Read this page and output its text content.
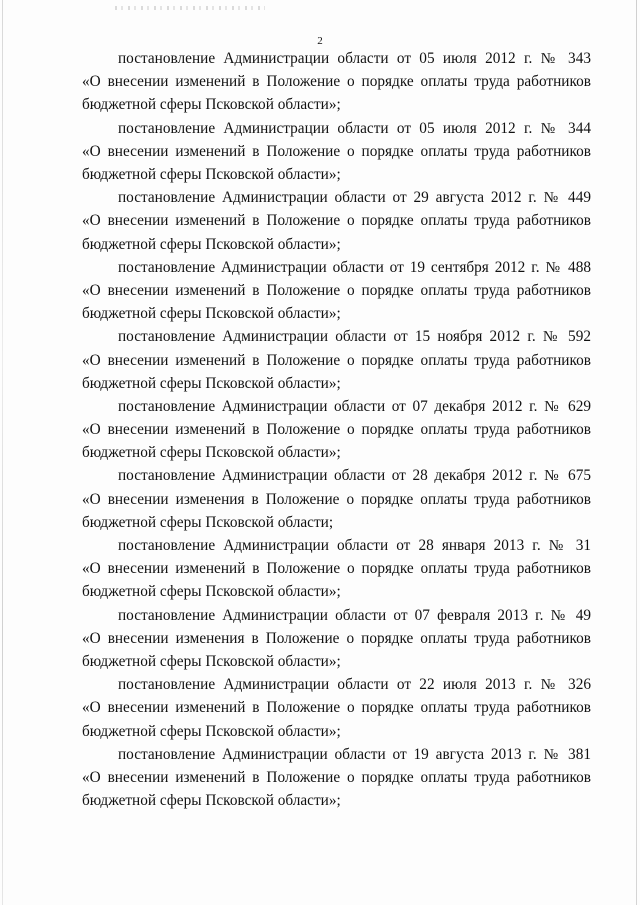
2

постановление Администрации области от 05 июля 2012 г. № 343

«О внесении изменений в Положение о порядке оплаты труда работников

бюджетной сферы Псковской области»;

постановление Администрации области от 05 июля 2012 г. № 344

«О внесении изменений в Положение о порядке оплаты труда работников

бюджетной сферы Псковской области»;

постановление Администрации области от 29 августа 2012 г. № 449

«О внесении изменений в Положение о порядке оплаты труда работников

бюджетной сферы Псковской области»;

постановление Администрации области от 19 сентября 2012 г. № 488

«О внесении изменений в Положение о порядке оплаты труда работников

бюджетной сферы Псковской области»;

постановление Администрации области от 15 ноября 2012 г. № 592

«О внесении изменений в Положение о порядке оплаты труда работников

бюджетной сферы Псковской области»;

постановление Администрации области от 07 декабря 2012 г. № 629

«О внесении изменений в Положение о порядке оплаты труда работников

бюджетной сферы Псковской области»;

постановление Администрации области от 28 декабря 2012 г. № 675

«О внесении изменения в Положение о порядке оплаты труда работников

бюджетной сферы Псковской области;

постановление Администрации области от 28 января 2013 г. № 31

«О внесении изменений в Положение о порядке оплаты труда работников

бюджетной сферы Псковской области»;

постановление Администрации области от 07 февраля 2013 г. № 49

«О внесении изменения в Положение о порядке оплаты труда работников

бюджетной сферы Псковской области»;

постановление Администрации области от 22 июля 2013 г. № 326

«О внесении изменений в Положение о порядке оплаты труда работников

бюджетной сферы Псковской области»;

постановление Администрации области от 19 августа 2013 г. № 381

«О внесении изменений в Положение о порядке оплаты труда работников

бюджетной сферы Псковской области»;
